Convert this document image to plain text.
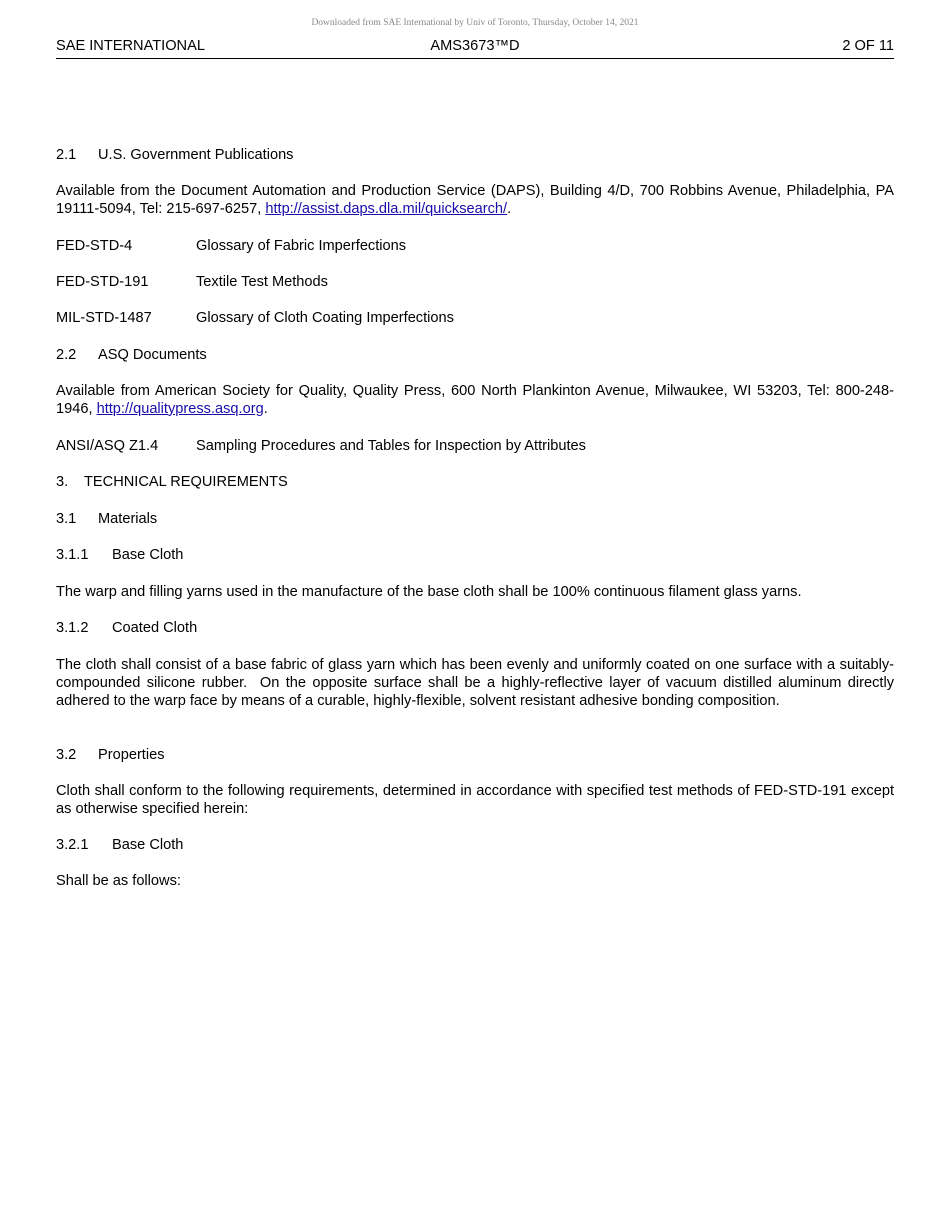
Downloaded from SAE International by Univ of Toronto, Thursday, October 14, 2021
SAE INTERNATIONAL	AMS3673™D	2 OF 11

2.1 U.S. Government Publications

Available from the Document Automation and Production Service (DAPS), Building 4/D, 700 Robbins Avenue, Philadelphia, PA 19111-5094, Tel: 215-697-6257, http://assist.daps.dla.mil/quicksearch/.

FED-STD-4	Glossary of Fabric Imperfections

FED-STD-191	Textile Test Methods

MIL-STD-1487	Glossary of Cloth Coating Imperfections

2.2 ASQ Documents

Available from American Society for Quality, Quality Press, 600 North Plankinton Avenue, Milwaukee, WI 53203, Tel: 800-248-1946, http://qualitypress.asq.org.

ANSI/ASQ Z1.4	Sampling Procedures and Tables for Inspection by Attributes

3. TECHNICAL REQUIREMENTS

3.1 Materials

3.1.1 Base Cloth

The warp and filling yarns used in the manufacture of the base cloth shall be 100% continuous filament glass yarns.

3.1.2 Coated Cloth

The cloth shall consist of a base fabric of glass yarn which has been evenly and uniformly coated on one surface with a suitably-compounded silicone rubber.  On the opposite surface shall be a highly-reflective layer of vacuum distilled aluminum directly adhered to the warp face by means of a curable, highly-flexible, solvent resistant adhesive bonding composition.

3.2 Properties

Cloth shall conform to the following requirements, determined in accordance with specified test methods of FED-STD-191 except as otherwise specified herein:

3.2.1 Base Cloth

Shall be as follows:
